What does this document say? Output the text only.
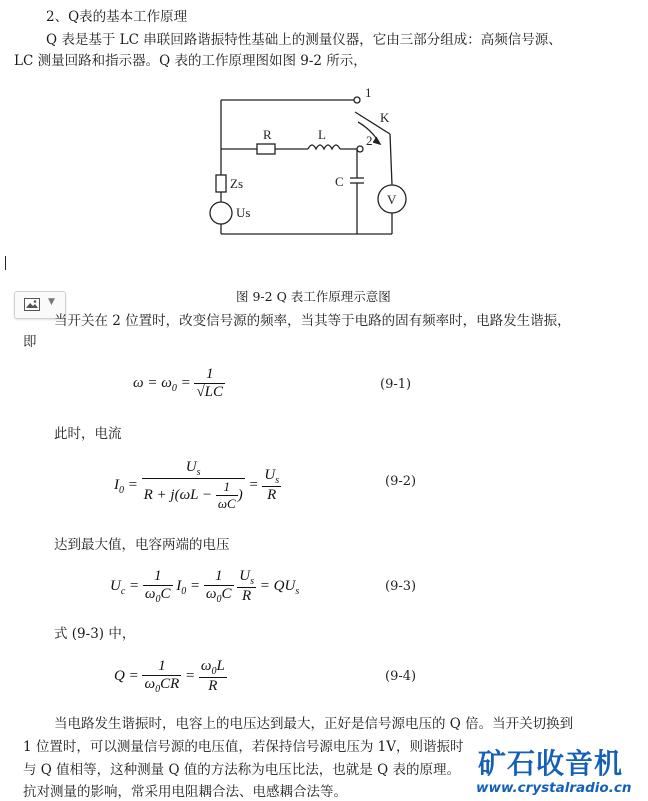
2、Q表的基本工作原理
Q 表是基于 LC 串联回路谐振特性基础上的测量仪器，它由三部分组成：高频信号源、
LC 测量回路和指示器。Q 表的工作原理图如图 9-2 所示，
1
K
2
R	L
C
V
Zs
Us
图 9-2 Q 表工作原理示意图
▼
当开关在 2 位置时，改变信号源的频率，当其等于电路的固有频率时，电路发生谐振，
即
$\omega = \omega_0 = \frac{1}{√LC}$	(9-1)
此时，电流
$I_0 = \frac{U_s}{R + j(\omega L - \frac{1}{\omega C} )} = \frac{U_s}{R}$	(9-2)
达到最大值，电容两端的电压
$U_c = \frac{1}{\omega_0C} I_0 = \frac{1}{\omega_0C}$
$\frac{U_s}{R} = QU_s$	(9-3)
式 (9-3) 中，
$Q = \frac{1}{\omega_0CR} = \frac{\omega_0L}{R}$	(9-4)
当电路发生谐振时，电容上的电压达到最大，正好是信号源电压的 Q 倍。当开关切换到
1 位置时，可以测量信号源的电压值，若保持信号源电压为 1V，则谐振时
与 Q 值相等，这种测量 Q 值的方法称为电压比法，也就是 Q 表的原理。
抗对测量的影响，常采用电阻耦合法、电感耦合法等。
矿石收音机
www.crystalradio.cn
